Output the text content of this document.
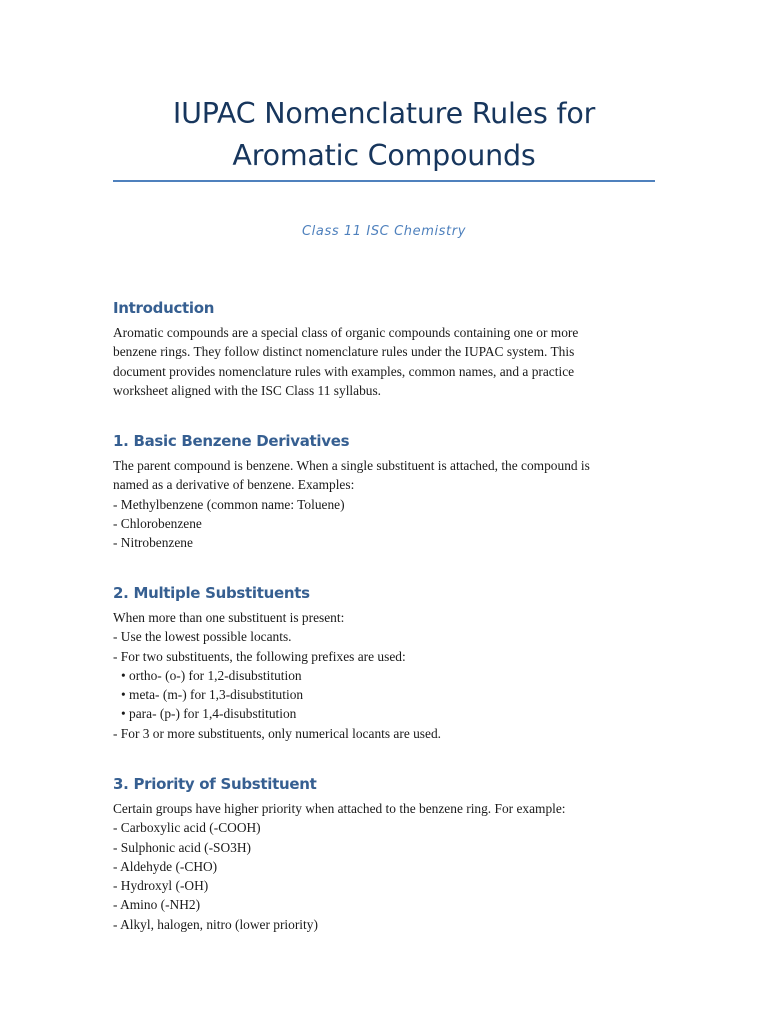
IUPAC Nomenclature Rules for Aromatic Compounds

Class 11 ISC Chemistry

Introduction

Aromatic compounds are a special class of organic compounds containing one or more
benzene rings. They follow distinct nomenclature rules under the IUPAC system. This
document provides nomenclature rules with examples, common names, and a practice
worksheet aligned with the ISC Class 11 syllabus.

1. Basic Benzene Derivatives

The parent compound is benzene. When a single substituent is attached, the compound is
named as a derivative of benzene. Examples:
- Methylbenzene (common name: Toluene)
- Chlorobenzene
- Nitrobenzene

2. Multiple Substituents

When more than one substituent is present:
- Use the lowest possible locants.
- For two substituents, the following prefixes are used:
• ortho- (o-) for 1,2-disubstitution
• meta- (m-) for 1,3-disubstitution
• para- (p-) for 1,4-disubstitution
- For 3 or more substituents, only numerical locants are used.

3. Priority of Substituent

Certain groups have higher priority when attached to the benzene ring. For example:
- Carboxylic acid (-COOH)
- Sulphonic acid (-SO3H)
- Aldehyde (-CHO)
- Hydroxyl (-OH)
- Amino (-NH2)
- Alkyl, halogen, nitro (lower priority)
